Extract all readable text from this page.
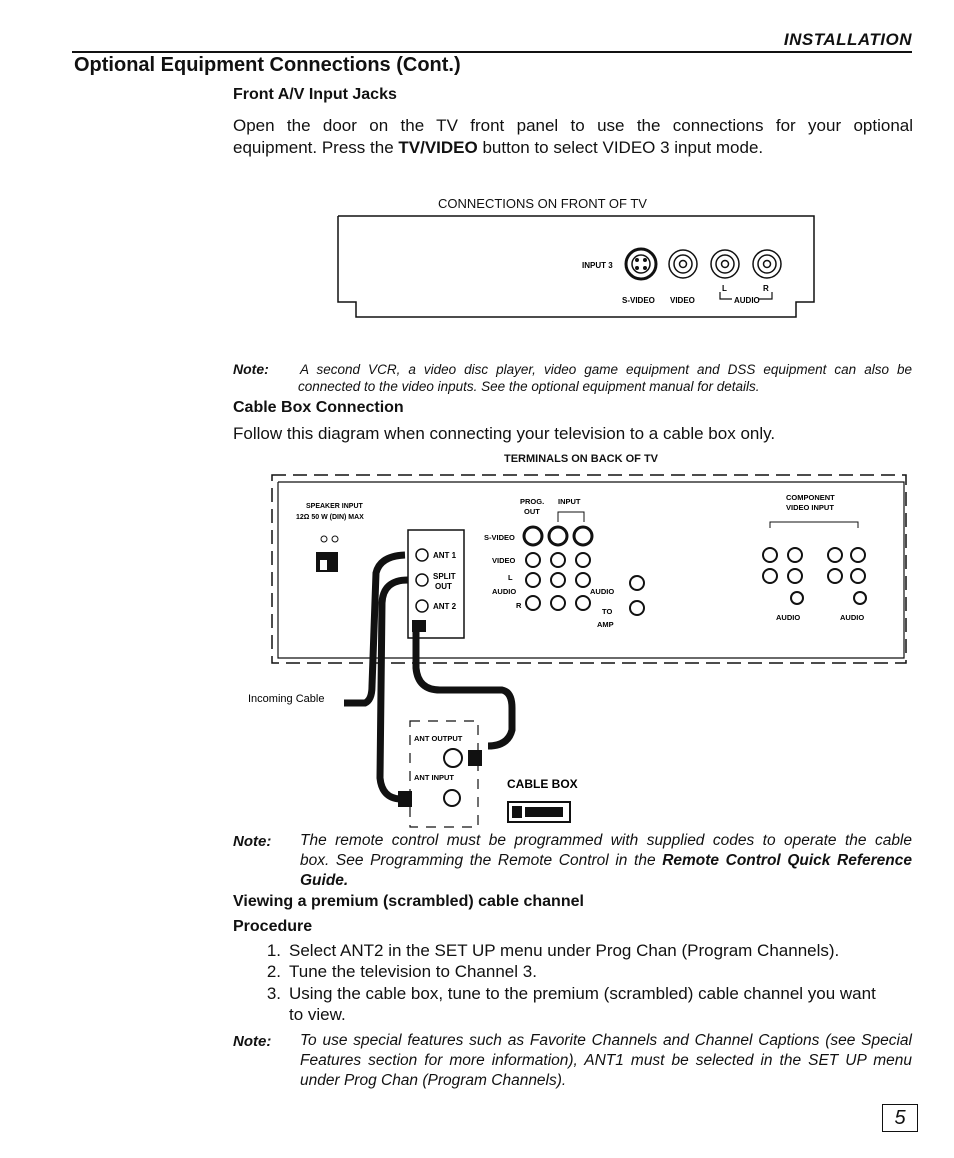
INSTALLATION
Optional Equipment Connections (Cont.)
Front A/V Input Jacks
Open the door on the TV front panel to use the connections for your optional
equipment. Press the TV/VIDEO button to select VIDEO 3 input mode.
CONNECTIONS ON FRONT OF TV
INPUT 3
S-VIDEO VIDEO
L	R
AUDIO
Note: A second VCR, a video disc player, video game equipment and DSS equipment can also be
connected to the video inputs. See the optional equipment manual for details.
Cable Box Connection
Follow this diagram when connecting your television to a cable box only.
TERMINALS ON BACK OF TV
SPEAKER INPUT
12Ω 50 W (DIN) MAX
ANT 1
SPLIT
OUT
ANT 2
PROG.
OUT
INPUT
S-VIDEO
VIDEO
AUDIO
L
R
AUDIO
TO
AMP
COMPONENT
VIDEO INPUT
AUDIO	AUDIO
Incoming Cable
ANT OUTPUT
ANT INPUT	CABLE BOX
Note: The remote control must be programmed with supplied codes to operate the cable
box. See Programming the Remote Control in the Remote Control Quick Reference
Guide.
Viewing a premium (scrambled) cable channel
Procedure
1. Select ANT2 in the SET UP menu under Prog Chan (Program Channels).
2. Tune the television to Channel 3.
3. Using the cable box, tune to the premium (scrambled) cable channel you want
to view.
Note: To use special features such as Favorite Channels and Channel Captions (see Special
Features section for more information), ANT1 must be selected in the SET UP menu
under Prog Chan (Program Channels).
5
